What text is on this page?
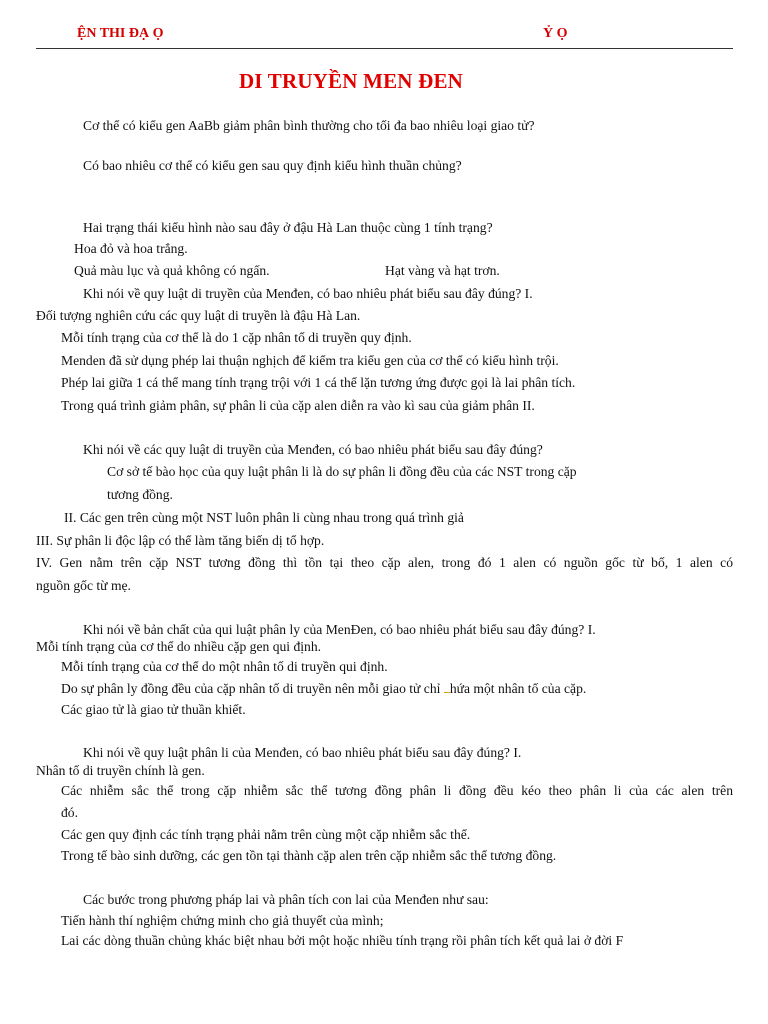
ỆN THI ĐẠ Ọ	Ỷ Ọ
DI TRUYỀN MEN ĐEN
Cơ thể có kiểu gen AaBb giảm phân bình thường cho tối đa bao nhiêu loại giao tử?
Có bao nhiêu cơ thể có kiểu gen sau quy định kiểu hình thuần chủng?
Hai trạng thái kiểu hình nào sau đây ở đậu Hà Lan thuộc cùng 1 tính trạng?
Hoa đỏ và hoa trắng.
Quả màu lục và quả không có ngấn.	Hạt vàng và hạt trơn.
Khi nói về quy luật di truyền của Menđen, có bao nhiêu phát biểu sau đây đúng? I.
Đối tượng nghiên cứu các quy luật di truyền là đậu Hà Lan.
Mỗi tính trạng của cơ thể là do 1 cặp nhân tố di truyền quy định.
Menden đã sử dụng phép lai thuận nghịch để kiểm tra kiểu gen của cơ thể có kiểu hình trội.
Phép lai giữa 1 cá thể mang tính trạng trội với 1 cá thể lặn tương ứng được gọi là lai phân tích.
Trong quá trình giảm phân, sự phân li của cặp alen diễn ra vào kì sau của giảm phân II.
Khi nói về các quy luật di truyền của Menđen, có bao nhiêu phát biểu sau đây đúng?
Cơ sở tế bào học của quy luật phân li là do sự phân li đồng đều của các NST trong cặp
tương đồng.
II. Các gen trên cùng một NST luôn phân li cùng nhau trong quá trình giả
III. Sự phân li độc lập có thể làm tăng biến dị tổ hợp.
IV. Gen nằm trên cặp NST tương đồng thì tồn tại theo cặp alen, trong đó 1 alen có nguồn gốc từ bố, 1 alen có
nguồn gốc từ mẹ.
Khi nói về bản chất của qui luật phân ly của MenĐen, có bao nhiêu phát biểu sau đây đúng? I.
Mỗi tính trạng của cơ thể do nhiều cặp gen qui định.
Mỗi tính trạng của cơ thể do một nhân tố di truyền qui định.
Do sự phân ly đồng đều của cặp nhân tố di truyền nên mỗi giao tử chỉ hứa một nhân tố của cặp.
Các giao tử là giao tử thuần khiết.
Khi nói về quy luật phân li của Menđen, có bao nhiêu phát biểu sau đây đúng? I.
Nhân tố di truyền chính là gen.
Các nhiễm sắc thể trong cặp nhiễm sắc thể tương đồng phân li đồng đều kéo theo phân li của các alen trên
đó.
Các gen quy định các tính trạng phải nằm trên cùng một cặp nhiễm sắc thể.
Trong tế bào sinh dưỡng, các gen tồn tại thành cặp alen trên cặp nhiễm sắc thể tương đồng.
Các bước trong phương pháp lai và phân tích con lai của Menđen như sau:
Tiến hành thí nghiệm chứng minh cho giả thuyết của mình;
Lai các dòng thuần chủng khác biệt nhau bởi một hoặc nhiều tính trạng rồi phân tích kết quả lai ở đời F
